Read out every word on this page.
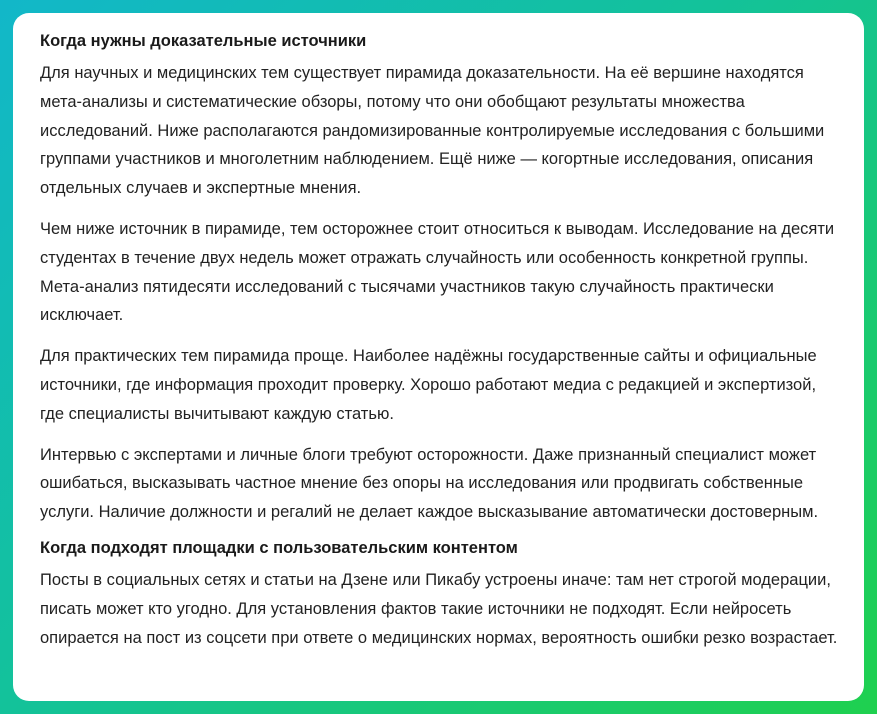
Когда нужны доказательные источники

Для научных и медицинских тем существует пирамида доказательности. На её вершине находятся мета-анализы и систематические обзоры, потому что они обобщают результаты множества исследований. Ниже располагаются рандомизированные контролируемые исследования с большими группами участников и многолетним наблюдением. Ещё ниже — когортные исследования, описания отдельных случаев и экспертные мнения.

Чем ниже источник в пирамиде, тем осторожнее стоит относиться к выводам. Исследование на десяти студентах в течение двух недель может отражать случайность или особенность конкретной группы. Мета-анализ пятидесяти исследований с тысячами участников такую случайность практически исключает.

Для практических тем пирамида проще. Наиболее надёжны государственные сайты и официальные источники, где информация проходит проверку. Хорошо работают медиа с редакцией и экспертизой, где специалисты вычитывают каждую статью.

Интервью с экспертами и личные блоги требуют осторожности. Даже признанный специалист может ошибаться, высказывать частное мнение без опоры на исследования или продвигать собственные услуги. Наличие должности и регалий не делает каждое высказывание автоматически достоверным.

Когда подходят площадки с пользовательским контентом

Посты в социальных сетях и статьи на Дзене или Пикабу устроены иначе: там нет строгой модерации, писать может кто угодно. Для установления фактов такие источники не подходят. Если нейросеть опирается на пост из соцсети при ответе о медицинских нормах, вероятность ошибки резко возрастает.
